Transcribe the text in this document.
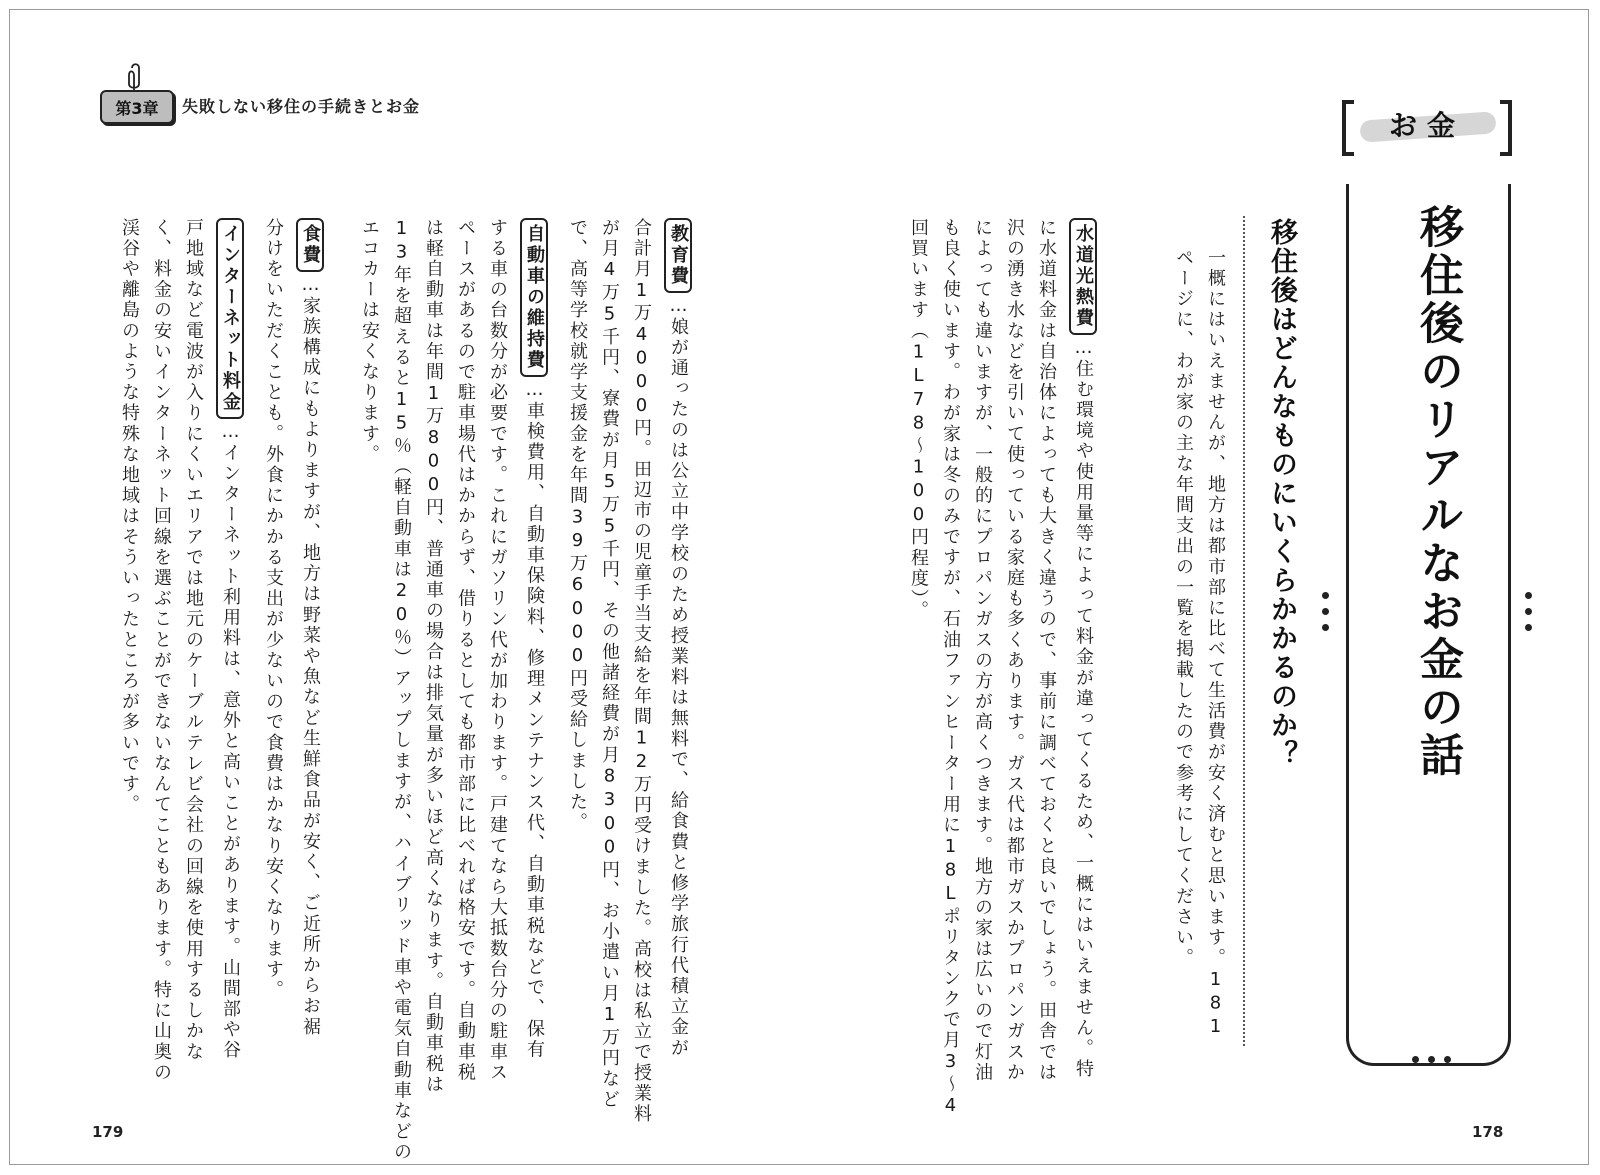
第3章	失敗しない移住の手続きとお金
お金
移住後のリアルなお金の話
移住後はどんなものにいくらかかるのか？
一概にはいえませんが、地方は都市部に比べて生活費が安く済むと思います。181
ページに、わが家の主な年間支出の一覧を掲載したので参考にしてください。
水道光熱費…住む環境や使用量等によって料金が違ってくるため、一概にはいえません。特
に水道料金は自治体によっても大きく違うので、事前に調べておくと良いでしょう。田舎では
沢の湧き水などを引いて使っている家庭も多くあります。ガス代は都市ガスかプロパンガスか
によっても違いますが、一般的にプロパンガスの方が高くつきます。地方の家は広いので灯油
も良く使います。わが家は冬のみですが、石油ファンヒーター用に18Lポリタンクで月3〜4
回買います（1L78〜100円程度）。
教育費…娘が通ったのは公立中学校のため授業料は無料で、給食費と修学旅行代積立金が
合計月1万4000円。田辺市の児童手当支給を年間12万円受けました。高校は私立で授業料
が月4万5千円、寮費が月5万5千円、その他諸経費が月8300円、お小遣い月1万円など
で、高等学校就学支援金を年間39万6000円受給しました。
自動車の維持費…車検費用、自動車保険料、修理メンテナンス代、自動車税などで、保有
する車の台数分が必要です。これにガソリン代が加わります。戸建てなら大抵数台分の駐車ス
ペースがあるので駐車場代はかからず、借りるとしても都市部に比べれば格安です。自動車税
は軽自動車は年間1万800円、普通車の場合は排気量が多いほど高くなります。自動車税は
13年を超えると15％（軽自動車は20％）アップしますが、ハイブリッド車や電気自動車などの
エコカーは安くなります。
食費…家族構成にもよりますが、地方は野菜や魚など生鮮食品が安く、ご近所からお裾
分けをいただくことも。外食にかかる支出が少ないので食費はかなり安くなります。
インターネット料金…インターネット利用料は、意外と高いことがあります。山間部や谷
戸地域など電波が入りにくいエリアでは地元のケーブルテレビ会社の回線を使用するしかな
く、料金の安いインターネット回線を選ぶことができないなんてこともあります。特に山奥の
渓谷や離島のような特殊な地域はそういったところが多いです。
179	178
